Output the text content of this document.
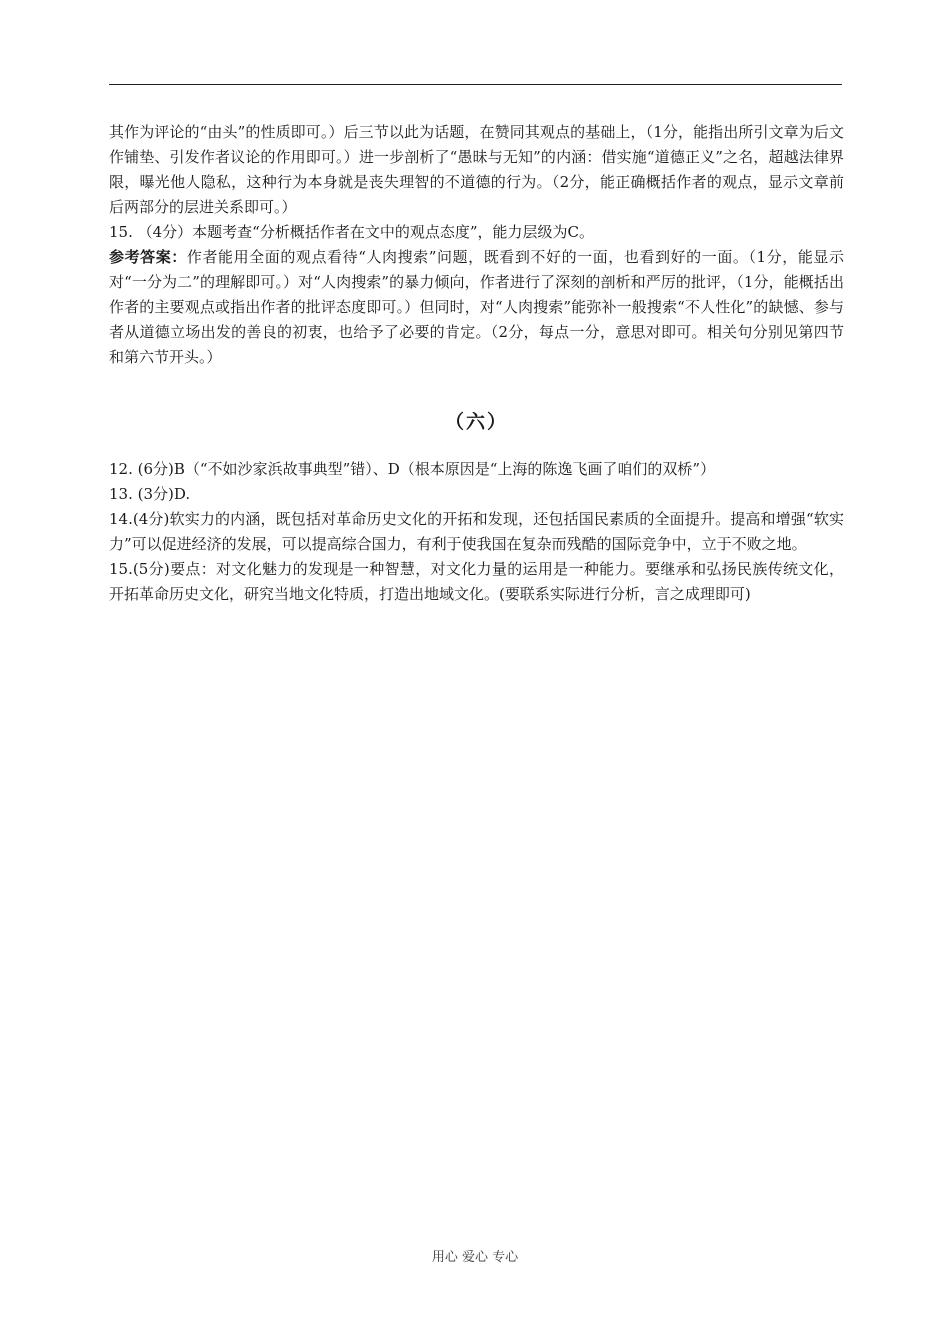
其作为评论的“由头”的性质即可。）后三节以此为话题，在赞同其观点的基础上，（1分，能指出所引文章为后文作铺垫、引发作者议论的作用即可。）进一步剖析了“愚昧与无知”的内涵：借实施“道德正义”之名，超越法律界限，曝光他人隐私，这种行为本身就是丧失理智的不道德的行为。（2分，能正确概括作者的观点，显示文章前后两部分的层进关系即可。）

15. （4分）本题考查“分析概括作者在文中的观点态度”，能力层级为C。

参考答案：作者能用全面的观点看待“人肉搜索”问题，既看到不好的一面，也看到好的一面。（1分，能显示对“一分为二”的理解即可。）对“人肉搜索”的暴力倾向，作者进行了深刻的剖析和严厉的批评，（1分，能概括出作者的主要观点或指出作者的批评态度即可。）但同时，对“人肉搜索”能弥补一般搜索“不人性化”的缺憾、参与者从道德立场出发的善良的初衷，也给予了必要的肯定。（2分，每点一分，意思对即可。相关句分别见第四节和第六节开头。）

（六）

12. (6分)B（“不如沙家浜故事典型”错）、D（根本原因是“上海的陈逸飞画了咱们的双桥”）

13. (3分)D.

14.(4分)软实力的内涵，既包括对革命历史文化的开拓和发现，还包括国民素质的全面提升。提高和增强“软实力”可以促进经济的发展，可以提高综合国力，有利于使我国在复杂而残酷的国际竞争中，立于不败之地。

15.(5分)要点：对文化魅力的发现是一种智慧，对文化力量的运用是一种能力。要继承和弘扬民族传统文化，开拓革命历史文化，研究当地文化特质，打造出地域文化。(要联系实际进行分析，言之成理即可)

用心 爱心 专心
